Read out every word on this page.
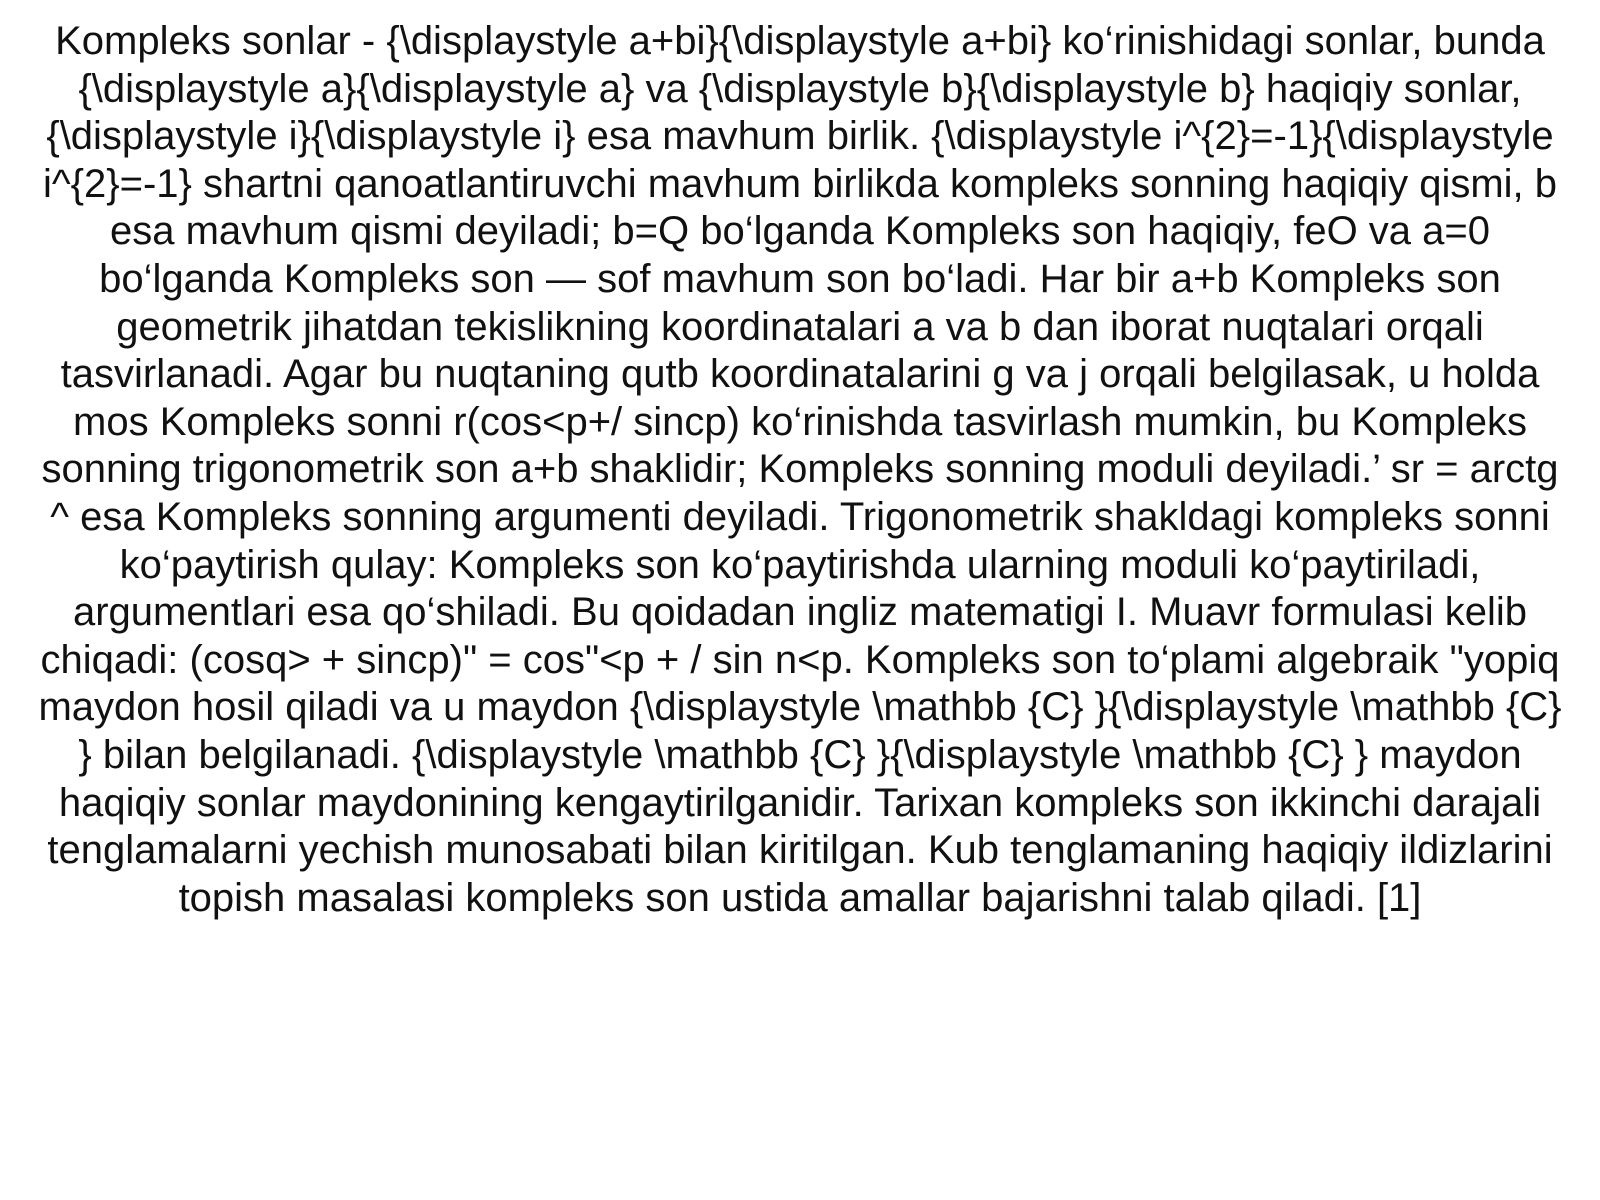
Kompleks sonlar - {\displaystyle a+bi}{\displaystyle a+bi} ko‘rinishidagi sonlar, bunda {\displaystyle a}{\displaystyle a} va {\displaystyle b}{\displaystyle b} haqiqiy sonlar, {\displaystyle i}{\displaystyle i} esa mavhum birlik. {\displaystyle i^{2}=-1}{\displaystyle i^{2}=-1} shartni qanoatlantiruvchi mavhum birlikda kompleks sonning haqiqiy qismi, b esa mavhum qismi deyiladi; b=Q bo‘lganda Kompleks son haqiqiy, feO va a=0 bo‘lganda Kompleks son — sof mavhum son bo‘ladi. Har bir a+b Kompleks son geometrik jihatdan tekislikning koordinatalari a va b dan iborat nuqtalari orqali tasvirlanadi. Agar bu nuqtaning qutb koordinatalarini g va j orqali belgilasak, u holda mos Kompleks sonni r(cos<p+/ sincp) ko‘rinishda tasvirlash mumkin, bu Kompleks sonning trigonometrik son a+b shaklidir; Kompleks sonning moduli deyiladi.’ sr = arctg ^ esa Kompleks sonning argumenti deyiladi. Trigonometrik shakldagi kompleks sonni ko‘paytirish qulay: Kompleks son ko‘paytirishda ularning moduli ko‘paytiriladi, argumentlari esa qo‘shiladi. Bu qoidadan ingliz matematigi I. Muavr formulasi kelib chiqadi: (cosq> + sincp)" = cos"<p + / sin n<p. Kompleks son to‘plami algebraik "yopiq maydon hosil qiladi va u maydon {\displaystyle \mathbb {C} }{\displaystyle \mathbb {C} } bilan belgilanadi. {\displaystyle \mathbb {C} }{\displaystyle \mathbb {C} } maydon haqiqiy sonlar maydonining kengaytirilganidir. Tarixan kompleks son ikkinchi darajali tenglamalarni yechish munosabati bilan kiritilgan. Kub tenglamaning haqiqiy ildizlarini topish masalasi kompleks son ustida amallar bajarishni talab qiladi. [1]
